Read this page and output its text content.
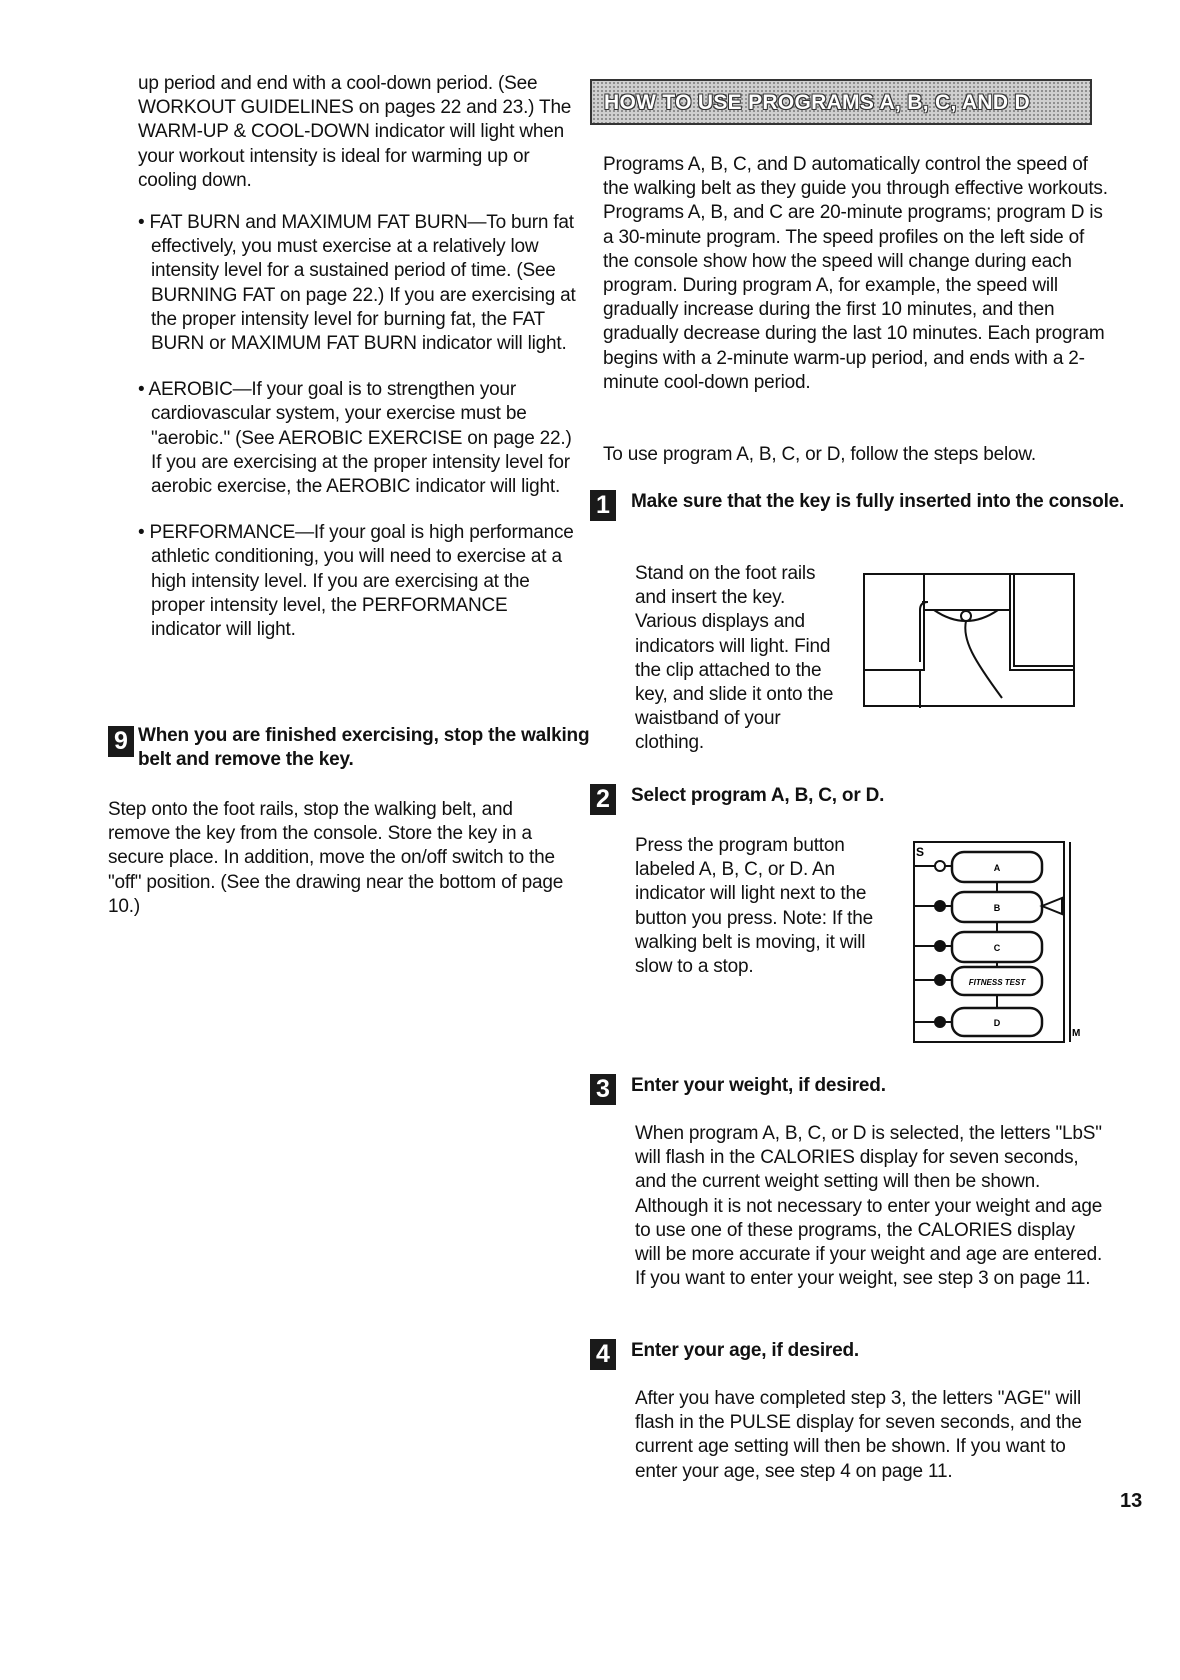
up period and end with a cool-down period. (See WORKOUT GUIDELINES on pages 22 and 23.) The WARM-UP & COOL-DOWN indicator will light when your workout intensity is ideal for warming up or cooling down.

• FAT BURN and MAXIMUM FAT BURN—To burn fat effectively, you must exercise at a relatively low intensity level for a sustained period of time. (See BURNING FAT on page 22.) If you are exercising at the proper intensity level for burning fat, the FAT BURN or MAXIMUM FAT BURN indicator will light.

• AEROBIC—If your goal is to strengthen your cardiovascular system, your exercise must be "aerobic." (See AEROBIC EXERCISE on page 22.) If you are exercising at the proper intensity level for aerobic exercise, the AEROBIC indicator will light.

• PERFORMANCE—If your goal is high performance athletic conditioning, you will need to exercise at a high intensity level. If you are exercising at the proper intensity level, the PERFORMANCE indicator will light.

9 When you are finished exercising, stop the walking belt and remove the key.

Step onto the foot rails, stop the walking belt, and remove the key from the console. Store the key in a secure place. In addition, move the on/off switch to the "off" position. (See the drawing near the bottom of page 10.)

HOW TO USE PROGRAMS A, B, C, AND D

Programs A, B, C, and D automatically control the speed of the walking belt as they guide you through effective workouts. Programs A, B, and C are 20-minute programs; program D is a 30-minute program. The speed profiles on the left side of the console show how the speed will change during each program. During program A, for example, the speed will gradually increase during the first 10 minutes, and then gradually decrease during the last 10 minutes. Each program begins with a 2-minute warm-up period, and ends with a 2-minute cool-down period.

To use program A, B, C, or D, follow the steps below.

1	Make sure that the key is fully inserted into the console.

Stand on the foot rails and insert the key. Various displays and indicators will light. Find the clip attached to the key, and slide it onto the waistband of your clothing.

2	Select program A, B, C, or D.

Press the program button labeled A, B, C, or D. An indicator will light next to the button you press. Note: If the walking belt is moving, it will slow to a stop.

S
M
A
B
C
FITNESS TEST
D
3	Enter your weight, if desired.

When program A, B, C, or D is selected, the letters "LbS" will flash in the CALORIES display for seven seconds, and the current weight setting will then be shown. Although it is not necessary to enter your weight and age to use one of these programs, the CALORIES display will be more accurate if your weight and age are entered. If you want to enter your weight, see step 3 on page 11.

4	Enter your age, if desired.

After you have completed step 3, the letters "AGE" will flash in the PULSE display for seven seconds, and the current age setting will then be shown. If you want to enter your age, see step 4 on page 11.

13
